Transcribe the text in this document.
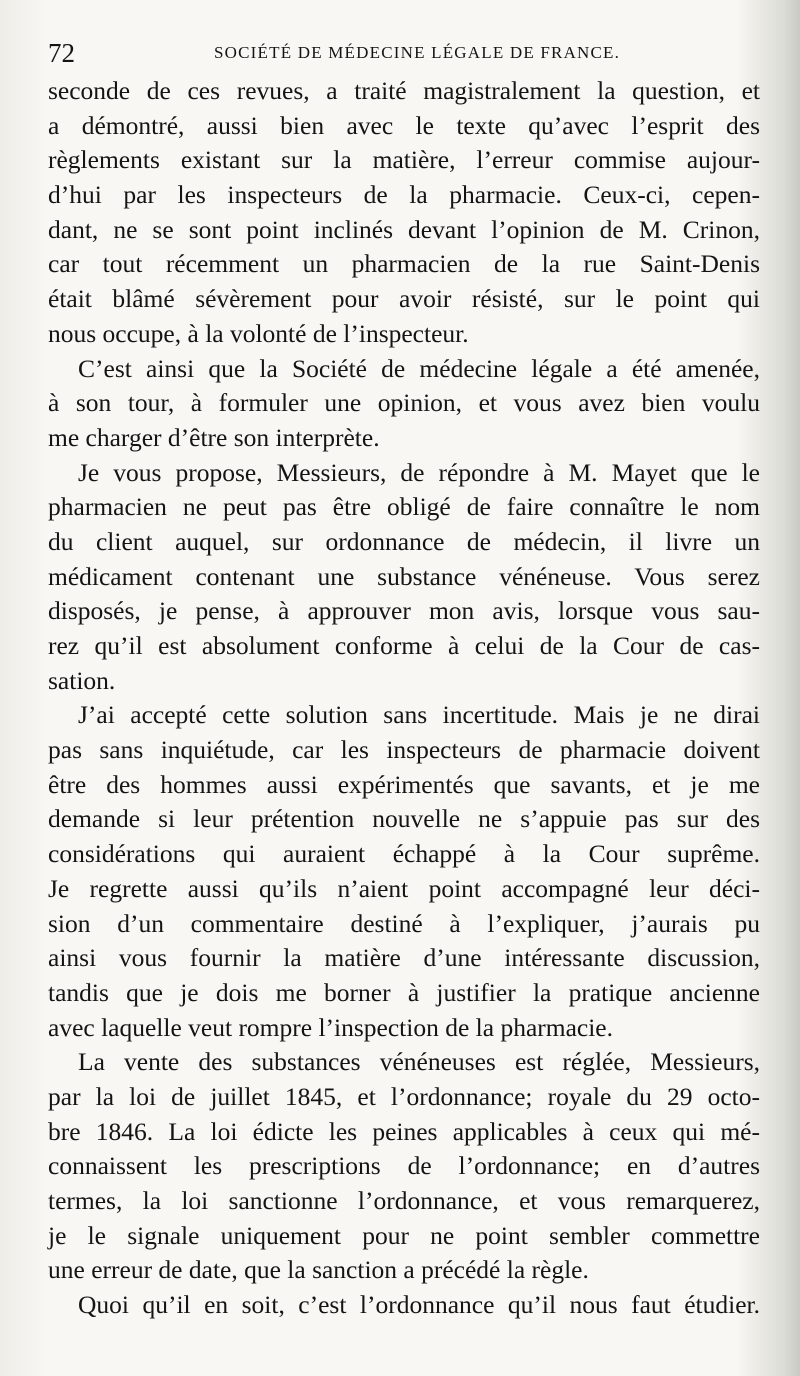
72	SOCIÉTÉ DE MÉDECINE LÉGALE DE FRANCE.
seconde de ces revues, a traité magistralement la question, et
a démontré, aussi bien avec le texte qu’avec l’esprit des
règlements existant sur la matière, l’erreur commise aujour-
d’hui par les inspecteurs de la pharmacie. Ceux-ci, cepen-
dant, ne se sont point inclinés devant l’opinion de M. Crinon,
car tout récemment un pharmacien de la rue Saint-Denis
était blâmé sévèrement pour avoir résisté, sur le point qui
nous occupe, à la volonté de l’inspecteur.
C’est ainsi que la Société de médecine légale a été amenée,
à son tour, à formuler une opinion, et vous avez bien voulu
me charger d’être son interprète.
Je vous propose, Messieurs, de répondre à M. Mayet que le
pharmacien ne peut pas être obligé de faire connaître le nom
du client auquel, sur ordonnance de médecin, il livre un
médicament contenant une substance vénéneuse. Vous serez
disposés, je pense, à approuver mon avis, lorsque vous sau-
rez qu’il est absolument conforme à celui de la Cour de cas-
sation.
J’ai accepté cette solution sans incertitude. Mais je ne dirai
pas sans inquiétude, car les inspecteurs de pharmacie doivent
être des hommes aussi expérimentés que savants, et je me
demande si leur prétention nouvelle ne s’appuie pas sur des
considérations qui auraient échappé à la Cour suprême.
Je regrette aussi qu’ils n’aient point accompagné leur déci-
sion d’un commentaire destiné à l’expliquer, j’aurais pu
ainsi vous fournir la matière d’une intéressante discussion,
tandis que je dois me borner à justifier la pratique ancienne
avec laquelle veut rompre l’inspection de la pharmacie.
La vente des substances vénéneuses est réglée, Messieurs,
par la loi de juillet 1845, et l’ordonnance; royale du 29 octo-
bre 1846. La loi édicte les peines applicables à ceux qui mé-
connaissent les prescriptions de l’ordonnance; en d’autres
termes, la loi sanctionne l’ordonnance, et vous remarquerez,
je le signale uniquement pour ne point sembler commettre
une erreur de date, que la sanction a précédé la règle.
Quoi qu’il en soit, c’est l’ordonnance qu’il nous faut étudier.
